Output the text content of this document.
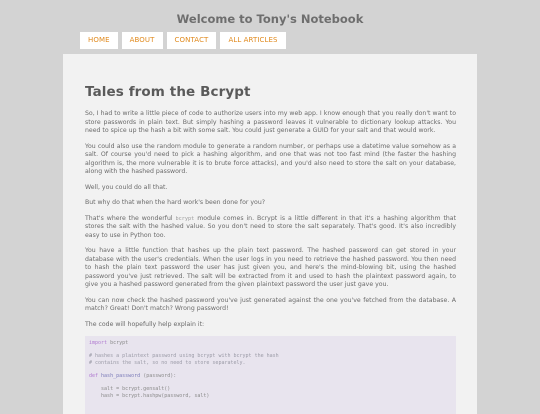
Welcome to Tony's Notebook
HOME	ABOUT	CONTACT	ALL ARTICLES
Tales from the Bcrypt

So, I had to write a little piece of code to authorize users into my web app. I know enough that you really don't want to store passwords in plain text. But simply hashing a password leaves it vulnerable to dictionary lookup attacks. You need to spice up the hash a bit with some salt. You could just generate a GUID for your salt and that would work.

You could also use the random module to generate a random number, or perhaps use a datetime value somehow as a salt. Of course you'd need to pick a hashing algorithm, and one that was not too fast mind (the faster the hashing algorithm is, the more vulnerable it is to brute force attacks), and you'd also need to store the salt on your database, along with the hashed password.

Well, you could do all that.

But why do that when the hard work's been done for you?

That's where the wonderful bcrypt module comes in. Bcrypt is a little different in that it's a hashing algorithm that stores the salt with the hashed value. So you don't need to store the salt separately. That's good. It's also incredibly easy to use in Python too.

You have a little function that hashes up the plain text password. The hashed password can get stored in your database with the user's credentials. When the user logs in you need to retrieve the hashed password. You then need to hash the plain text password the user has just given you, and here's the mind-blowing bit, using the hashed password you've just retrieved. The salt will be extracted from it and used to hash the plaintext password again, to give you a hashed password generated from the given plaintext password the user just gave you.

You can now check the hashed password you've just generated against the one you've fetched from the database. A match? Great! Don't match? Wrong password!

The code will hopefully help explain it:

import bcrypt
# hashes a plaintext password using bcrypt with bcrypt the hash
# contains the salt, so no need to store separately.
def hash_password (password):
salt = bcrypt.gensalt()
hash = bcrypt.hashpw(password, salt)
